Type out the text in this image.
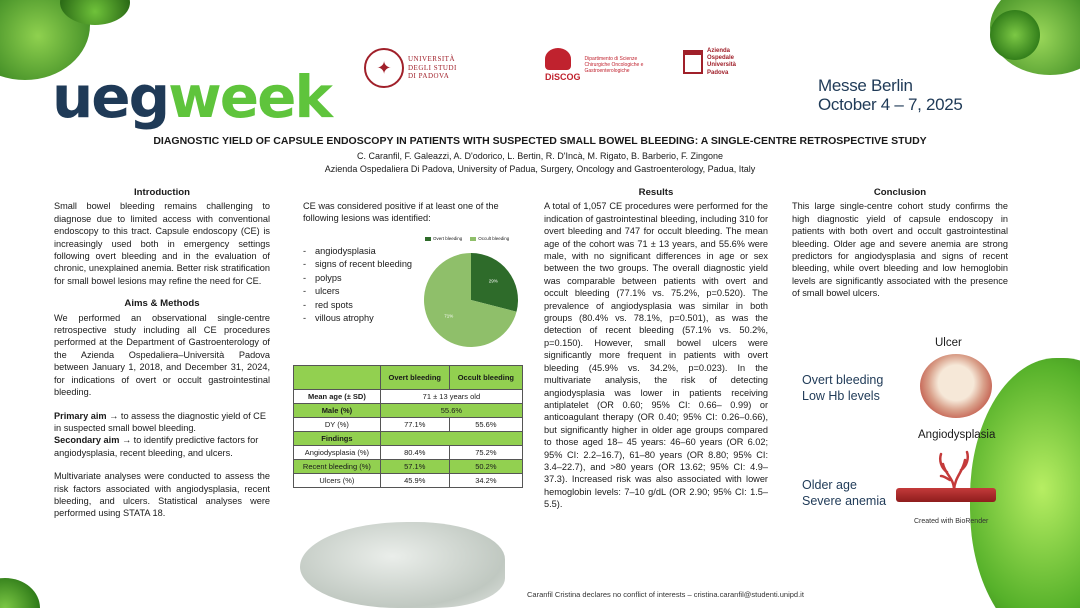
uegweek	✦	UNIVERSITÀ
DEGLI STUDI
DI PADOVA	DiSCOG
Dipartimento di Scienze Chirurgiche Oncologiche e Gastroenterologiche
Azienda
Ospedale
Università
Padova
Messe Berlin
October 4 – 7, 2025
DIAGNOSTIC YIELD OF CAPSULE ENDOSCOPY IN PATIENTS WITH SUSPECTED SMALL BOWEL BLEEDING: A SINGLE-CENTRE RETROSPECTIVE STUDY
C. Caranfil, F. Galeazzi, A. D'odorico, L. Bertin, R. D'Incà, M. Rigato, B. Barberio, F. Zingone
Azienda Ospedaliera Di Padova, University of Padua, Surgery, Oncology and Gastroenterology, Padua, Italy
Introduction

Small bowel bleeding remains challenging to diagnose due to limited access with conventional endoscopy to this tract. Capsule endoscopy (CE) is increasingly used both in emergency settings following overt bleeding and in the evaluation of chronic, unexplained anemia. Better risk stratification for small bowel lesions may refine the need for CE.

Aims & Methods

We performed an observational single-centre retrospective study including all CE procedures performed at the Department of Gastroenterology of the Azienda Ospedaliera–Università Padova between January 1, 2018, and December 31, 2024, for indications of overt or occult gastrointestinal bleeding.

Primary aim → to assess the diagnostic yield of CE in suspected small bowel bleeding.

Secondary aim → to identify predictive factors for angiodysplasia, recent bleeding, and ulcers.

Multivariate analyses were conducted to assess the risk factors associated with angiodysplasia, recent bleeding, and ulcers. Statistical analyses were performed using STATA 18.

CE was considered positive if at least one of the following lesions was identified:

- angiodysplasia
- signs of recent bleeding
- polyps
- ulcers
- red spots
- villous atrophy
Overt bleeding	Occult bleeding
29%
71%
	Overt bleeding	Occult bleeding
Mean age (± SD)	71 ± 13 years old	
Male (%)	55.6%	
DY (%)	77.1%	55.6%
Findings		
Angiodysplasia (%)	80.4%	75.2%
Recent bleeding (%)	57.1%	50.2%
Ulcers (%)	45.9%	34.2%
Results

A total of 1,057 CE procedures were performed for the indication of gastrointestinal bleeding, including 310 for overt bleeding and 747 for occult bleeding. The mean age of the cohort was 71 ± 13 years, and 55.6% were male, with no significant differences in age or sex between the two groups. The overall diagnostic yield was comparable between patients with overt and occult bleeding (77.1% vs. 75.2%, p=0.520). The prevalence of angiodysplasia was similar in both groups (80.4% vs. 78.1%, p=0.501), as was the detection of recent bleeding (57.1% vs. 50.2%, p=0.150). However, small bowel ulcers were significantly more frequent in patients with overt bleeding (45.9% vs. 34.2%, p=0.023). In the multivariate analysis, the risk of detecting angiodysplasia was lower in patients receiving antiplatelet (OR 0.60; 95% CI: 0.66– 0.99) or anticoagulant therapy (OR 0.40; 95% CI: 0.26–0.66), but significantly higher in older age groups compared to those aged 18– 45 years: 46–60 years (OR 6.02; 95% CI: 2.2–16.7), 61–80 years (OR 8.80; 95% CI: 3.4–22.7), and >80 years (OR 13.62; 95% CI: 4.9– 37.3). Increased risk was also associated with lower hemoglobin levels: 7–10 g/dL (OR 2.90; 95% CI: 1.5–5.5).

Conclusion

This large single-centre cohort study confirms the high diagnostic yield of capsule endoscopy in patients with both overt and occult gastrointestinal bleeding. Older age and severe anemia are strong predictors for angiodysplasia and signs of recent bleeding, while overt bleeding and low hemoglobin levels are significantly associated with the presence of small bowel ulcers.

Ulcer
Overt bleeding
Low Hb levels
Angiodysplasia
Older age
Severe anemia
Created with BioRender
Caranfil Cristina declares no conflict of interests – cristina.caranfil@studenti.unipd.it
